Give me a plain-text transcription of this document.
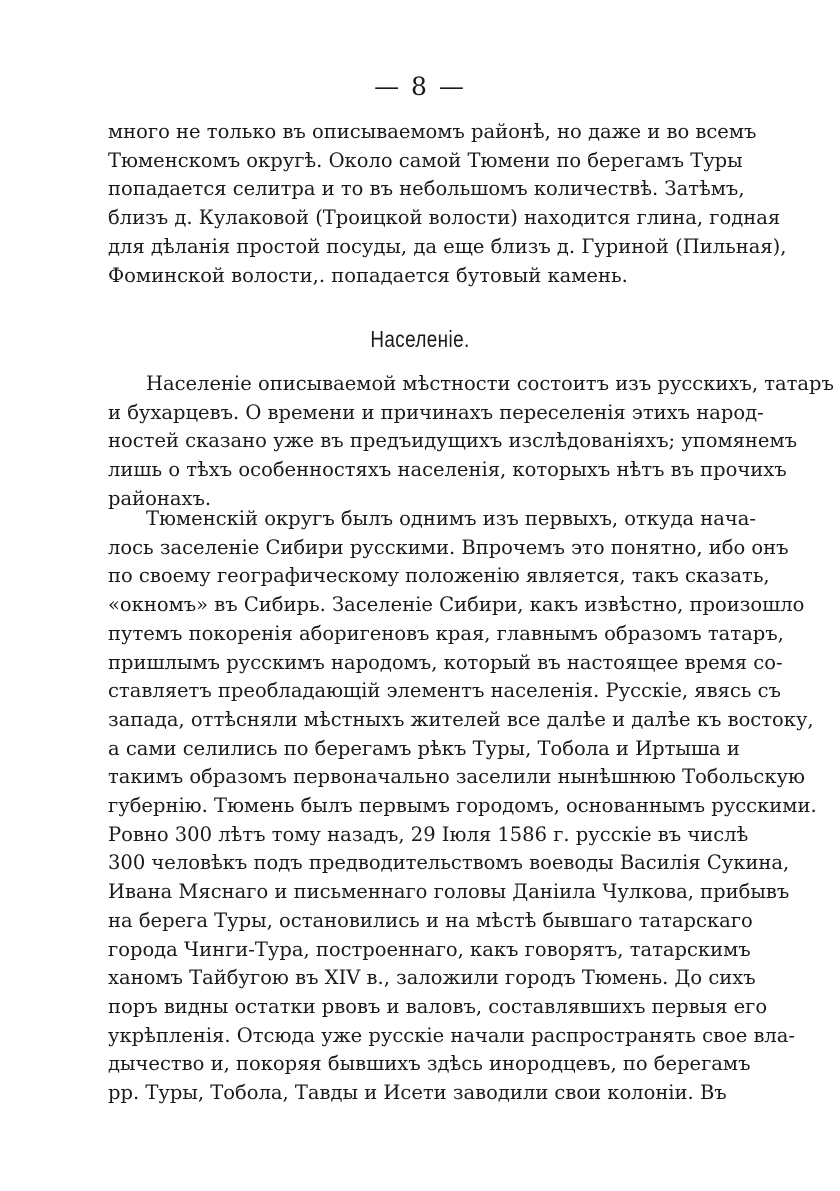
— 8 —

много не только въ описываемомъ районѣ, но даже и во всемъ
Тюменскомъ округѣ. Около самой Тюмени по берегамъ Туры
попадается селитра и то въ небольшомъ количествѣ. Затѣмъ,
близъ д. Кулаковой (Троицкой волости) находится глина, годная
для дѣланія простой посуды, да еще близъ д. Гуриной (Пильная),
Фоминской волости,. попадается бутовый камень.

Населеніе.

Населеніе описываемой мѣстности состоитъ изъ русскихъ, татаръ
и бухарцевъ. О времени и причинахъ переселенія этихъ народ-
ностей сказано уже въ предъидущихъ изслѣдованіяхъ; упомянемъ
лишь о тѣхъ особенностяхъ населенія, которыхъ нѣтъ въ прочихъ
районахъ.

Тюменскій округъ былъ однимъ изъ первыхъ, откуда нача-
лось заселеніе Сибири русскими. Впрочемъ это понятно, ибо онъ
по своему географическому положенію является, такъ сказать,
«окномъ» въ Сибирь. Заселеніе Сибири, какъ извѣстно, произошло
путемъ покоренія аборигеновъ края, главнымъ образомъ татаръ,
пришлымъ русскимъ народомъ, который въ настоящее время со-
ставляетъ преобладающій элементъ населенія. Русскіе, явясь съ
запада, оттѣсняли мѣстныхъ жителей все далѣе и далѣе къ востоку,
а сами селились по берегамъ рѣкъ Туры, Тобола и Иртыша и
такимъ образомъ первоначально заселили нынѣшнюю Тобольскую
губернію. Тюмень былъ первымъ городомъ, основаннымъ русскими.
Ровно 300 лѣтъ тому назадъ, 29 Іюля 1586 г. русскіе въ числѣ
300 человѣкъ подъ предводительствомъ воеводы Василія Сукина,
Ивана Мяснаго и письменнаго головы Даніила Чулкова, прибывъ
на берега Туры, остановились и на мѣстѣ бывшаго татарскаго
города Чинги-Тура, построеннаго, какъ говорятъ, татарскимъ
ханомъ Тайбугою въ XIV в., заложили городъ Тюмень. До сихъ
поръ видны остатки рвовъ и валовъ, составлявшихъ первыя его
укрѣпленія. Отсюда уже русскіе начали распространять свое вла-
дычество и, покоряя бывшихъ здѣсь инородцевъ, по берегамъ
рр. Туры, Тобола, Тавды и Исети заводили свои колоніи. Въ
